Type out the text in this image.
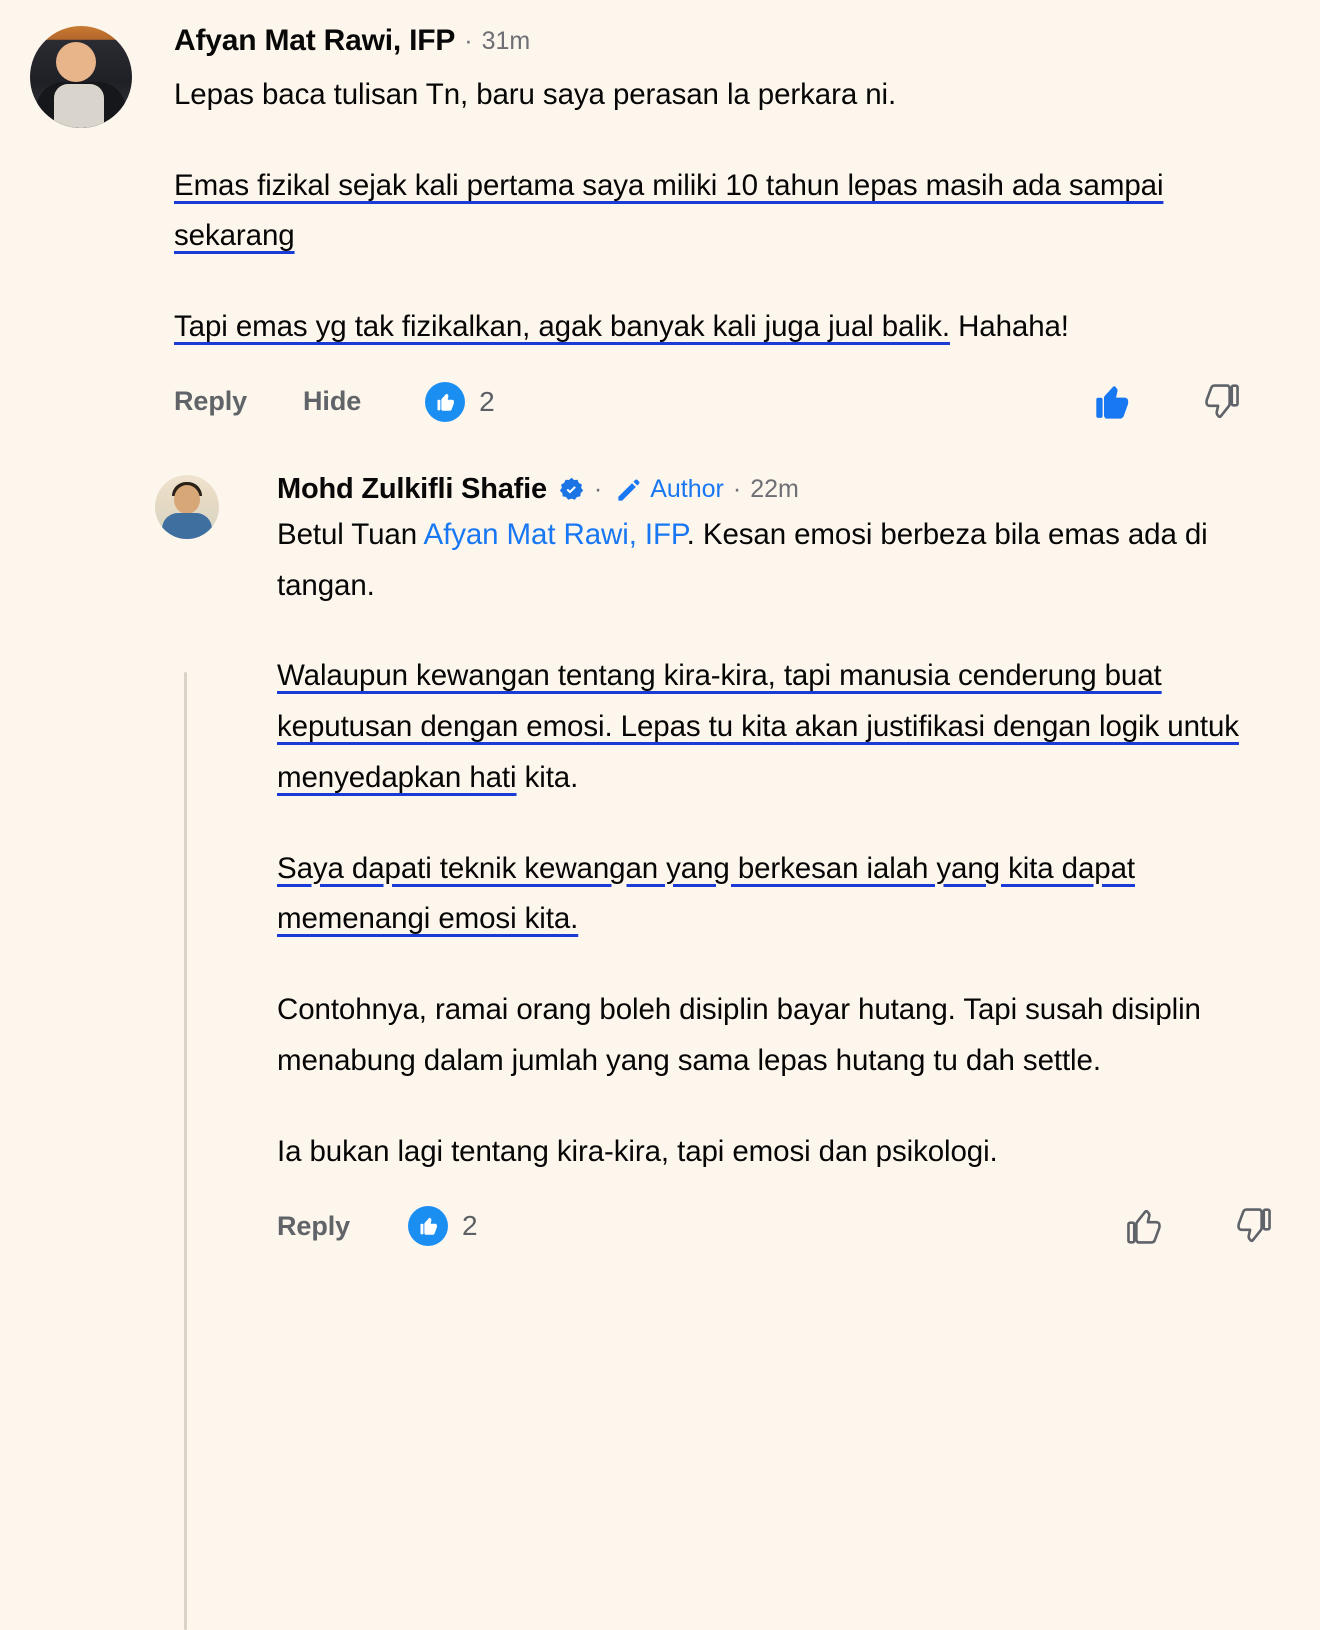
Afyan Mat Rawi, IFP · 31m

Lepas baca tulisan Tn, baru saya perasan la perkara ni.

Emas fizikal sejak kali pertama saya miliki 10 tahun lepas masih ada sampai sekarang

Tapi emas yg tak fizikalkan, agak banyak kali juga jual balik. Hahaha!

Reply Hide	2
Mohd Zulkifli Shafie · Author · 22m

Betul Tuan Afyan Mat Rawi, IFP. Kesan emosi berbeza bila emas ada di tangan.

Walaupun kewangan tentang kira-kira, tapi manusia cenderung buat keputusan dengan emosi. Lepas tu kita akan justifikasi dengan logik untuk menyedapkan hati kita.

Saya dapati teknik kewangan yang berkesan ialah yang kita dapat memenangi emosi kita.

Contohnya, ramai orang boleh disiplin bayar hutang. Tapi susah disiplin menabung dalam jumlah yang sama lepas hutang tu dah settle.

Ia bukan lagi tentang kira-kira, tapi emosi dan psikologi.

Reply	2
